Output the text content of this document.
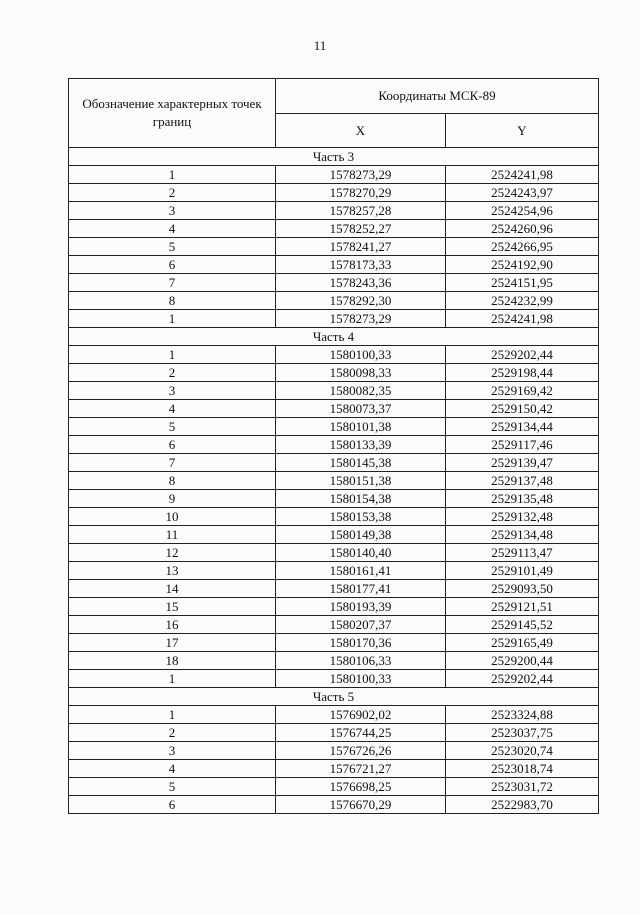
11
Обозначение характерных точек границ	Координаты МСК-89	
	X	Y
Часть 3		
1	1578273,29	2524241,98
2	1578270,29	2524243,97
3	1578257,28	2524254,96
4	1578252,27	2524260,96
5	1578241,27	2524266,95
6	1578173,33	2524192,90
7	1578243,36	2524151,95
8	1578292,30	2524232,99
1	1578273,29	2524241,98
Часть 4		
1	1580100,33	2529202,44
2	1580098,33	2529198,44
3	1580082,35	2529169,42
4	1580073,37	2529150,42
5	1580101,38	2529134,44
6	1580133,39	2529117,46
7	1580145,38	2529139,47
8	1580151,38	2529137,48
9	1580154,38	2529135,48
10	1580153,38	2529132,48
11	1580149,38	2529134,48
12	1580140,40	2529113,47
13	1580161,41	2529101,49
14	1580177,41	2529093,50
15	1580193,39	2529121,51
16	1580207,37	2529145,52
17	1580170,36	2529165,49
18	1580106,33	2529200,44
1	1580100,33	2529202,44
Часть 5		
1	1576902,02	2523324,88
2	1576744,25	2523037,75
3	1576726,26	2523020,74
4	1576721,27	2523018,74
5	1576698,25	2523031,72
6	1576670,29	2522983,70
